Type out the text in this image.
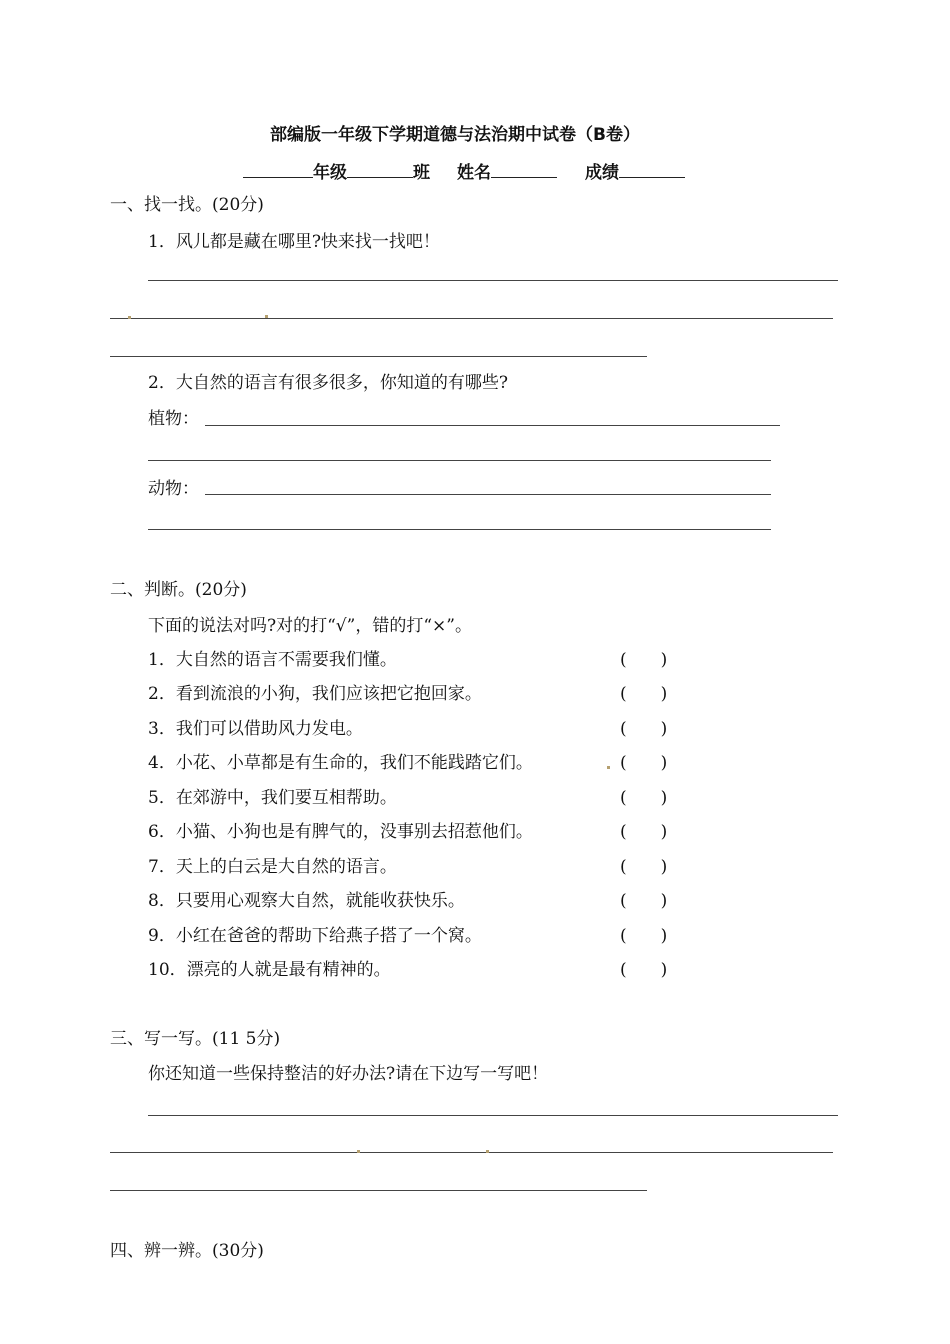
部编版一年级下学期道德与法治期中试卷（B卷）
年级	班 姓名	成绩
一、找一找。(20分)
1．风儿都是藏在哪里?快来找一找吧！
2．大自然的语言有很多很多，你知道的有哪些?
植物：
动物：
二、判断。(20分)
下面的说法对吗?对的打“√”，错的打“×”。
1．大自然的语言不需要我们懂。	(　　)
2．看到流浪的小狗，我们应该把它抱回家。	(　　)
3．我们可以借助风力发电。	(　　)
4．小花、小草都是有生命的，我们不能践踏它们。	(　　)
5．在郊游中，我们要互相帮助。	(　　)
6．小猫、小狗也是有脾气的，没事别去招惹他们。	(　　)
7．天上的白云是大自然的语言。	(　　)
8．只要用心观察大自然，就能收获快乐。	(　　)
9．小红在爸爸的帮助下给燕子搭了一个窝。	(　　)
10．漂亮的人就是最有精神的。	(　　)
三、写一写。(11 5分)
你还知道一些保持整洁的好办法?请在下边写一写吧！
四、辨一辨。(30分)
